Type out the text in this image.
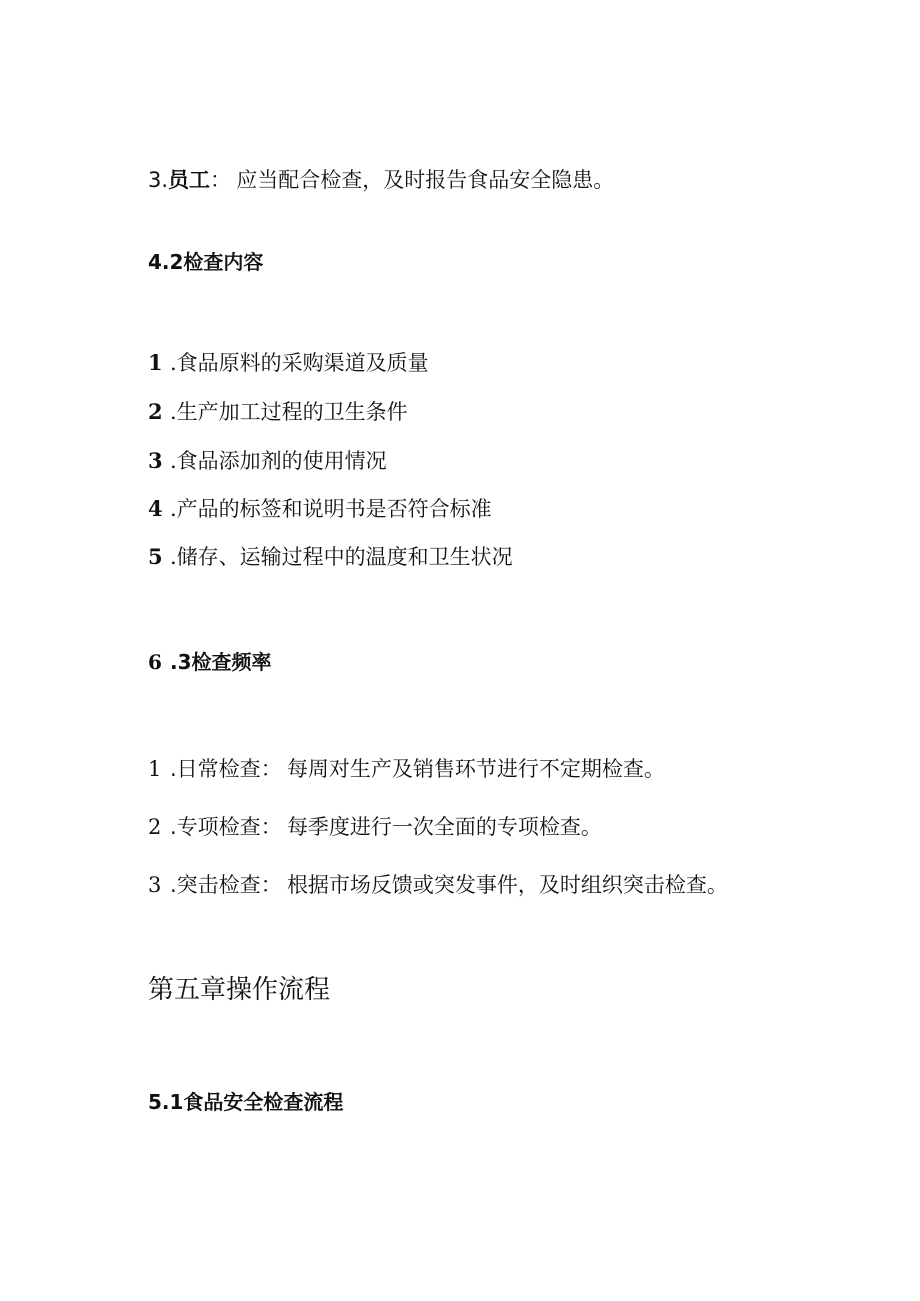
3.员工： 应当配合检查，及时报告食品安全隐患。
4.2检查内容
1 .食品原料的采购渠道及质量
2 .生产加工过程的卫生条件
3 .食品添加剂的使用情况
4 .产品的标签和说明书是否符合标准
5 .储存、运输过程中的温度和卫生状况
6 .3检查频率
1 .日常检查： 每周对生产及销售环节进行不定期检查。
2 .专项检查： 每季度进行一次全面的专项检查。
3 .突击检查： 根据市场反馈或突发事件，及时组织突击检查。
第五章操作流程
5.1食品安全检查流程
